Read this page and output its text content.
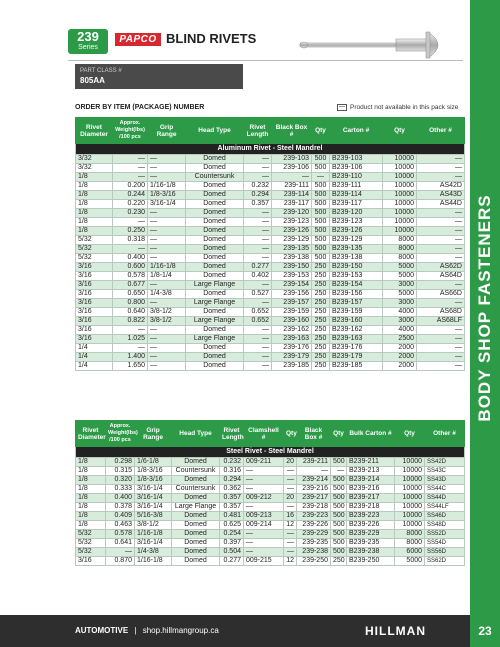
BODY SHOP FASTENERS
239
Series
PAPCO BLIND RIVETS
PART CLASS #
805AA
ORDER BY ITEM (PACKAGE) NUMBER	— Product not available in this pack size
Rivet Diameter	Approx. Weight(lbs) /100 pcs	Grip Range	Head Type	Rivet Length	Black Box #	Qty	Carton #	Qty	Other #
Aluminum Rivet - Steel Mandrel									
3/32	—	—	Domed	—	239-103	500	B239-103	10000	—
3/32	—	—	Domed	—	239-106	500	B239-106	10000	—
1/8	—	—	Countersunk	—	—	—	B239-110	10000	—
1/8	0.200	1/16-1/8	Domed	0.232	239-111	500	B239-111	10000	AS42D
1/8	0.244	1/8-3/16	Domed	0.294	239-114	500	B239-114	10000	AS43D
1/8	0.220	3/16-1/4	Domed	0.357	239-117	500	B239-117	10000	AS44D
1/8	0.230	—	Domed	—	239-120	500	B239-120	10000	—
1/8	—	—	Domed	—	239-123	500	B239-123	10000	—
1/8	0.250	—	Domed	—	239-126	500	B239-126	10000	—
5/32	0.318	—	Domed	—	239-129	500	B239-129	8000	—
5/32	—	—	Domed	—	239-135	500	B239-135	8000	—
5/32	0.400	—	Domed	—	239-138	500	B239-138	8000	—
3/16	0.600	1/16-1/8	Domed	0.277	239-150	250	B239-150	5000	AS62D
3/16	0.578	1/8-1/4	Domed	0.402	239-153	250	B239-153	5000	AS64D
3/16	0.677	—	Large Flange	—	239-154	250	B239-154	3000	—
3/16	0.650	1/4-3/8	Domed	0.527	239-156	250	B239-156	5000	AS66D
3/16	0.800	—	Large Flange	—	239-157	250	B239-157	3000	—
3/16	0.640	3/8-1/2	Domed	0.652	239-159	250	B239-159	4000	AS68D
3/16	0.822	3/8-1/2	Large Flange	0.652	239-160	250	B239-160	3000	AS68LF
3/16	—	—	Domed	—	239-162	250	B239-162	4000	—
3/16	1.025	—	Large Flange	—	239-163	250	B239-163	2500	—
1/4	—	—	Domed	—	239-176	250	B239-176	2000	—
1/4	1.400	—	Domed	—	239-179	250	B239-179	2000	—
1/4	1.650	—	Domed	—	239-185	250	B239-185	2000	—
Rivet Diameter	Approx. Weight(lbs) /100 pcs	Grip Range	Head Type	Rivet Length	Clamshell #	Qty	Black Box #	Qty	Bulk Carton #	Qty	Other #
Steel Rivet - Steel Mandrel											
1/8	0.298	1/6-1/8	Domed	0.232	009-211	20	239-211	500	B239-211	10000	SS42D
1/8	0.315	1/8-3/16	Countersunk	0.316	—	—	—	—	B239-213	10000	SS43C
1/8	0.320	1/8-3/16	Domed	0.294	—	—	239-214	500	B239-214	10000	SS43D
1/8	0.333	3/16-1/4	Countersunk	0.362	—	—	239-216	500	B239-216	10000	SS44C
1/8	0.400	3/16-1/4	Domed	0.357	009-212	20	239-217	500	B239-217	10000	SS44D
1/8	0.378	3/16-1/4	Large Flange	0.357	—	—	239-218	500	B239-218	10000	SS44LF
1/8	0.409	5/16-3/8	Domed	0.481	009-213	16	239-223	500	B239-223	10000	SS46D
1/8	0.463	3/8-1/2	Domed	0.625	009-214	12	239-226	500	B239-226	10000	SS48D
5/32	0.578	1/16-1/8	Domed	0.254	—	—	239-229	500	B239-229	8000	SS52D
5/32	0.641	3/16-1/4	Domed	0.397	—	—	239-235	500	B239-235	8000	SS54D
5/32	—	1/4-3/8	Domed	0.504	—	—	239-238	500	B239-238	6000	SS56D
3/16	0.870	1/16-1/8	Domed	0.277	009-215	12	239-250	250	B239-250	5000	SS62D
AUTOMOTIVE | shop.hillmangroup.ca	HILLMAN	23
